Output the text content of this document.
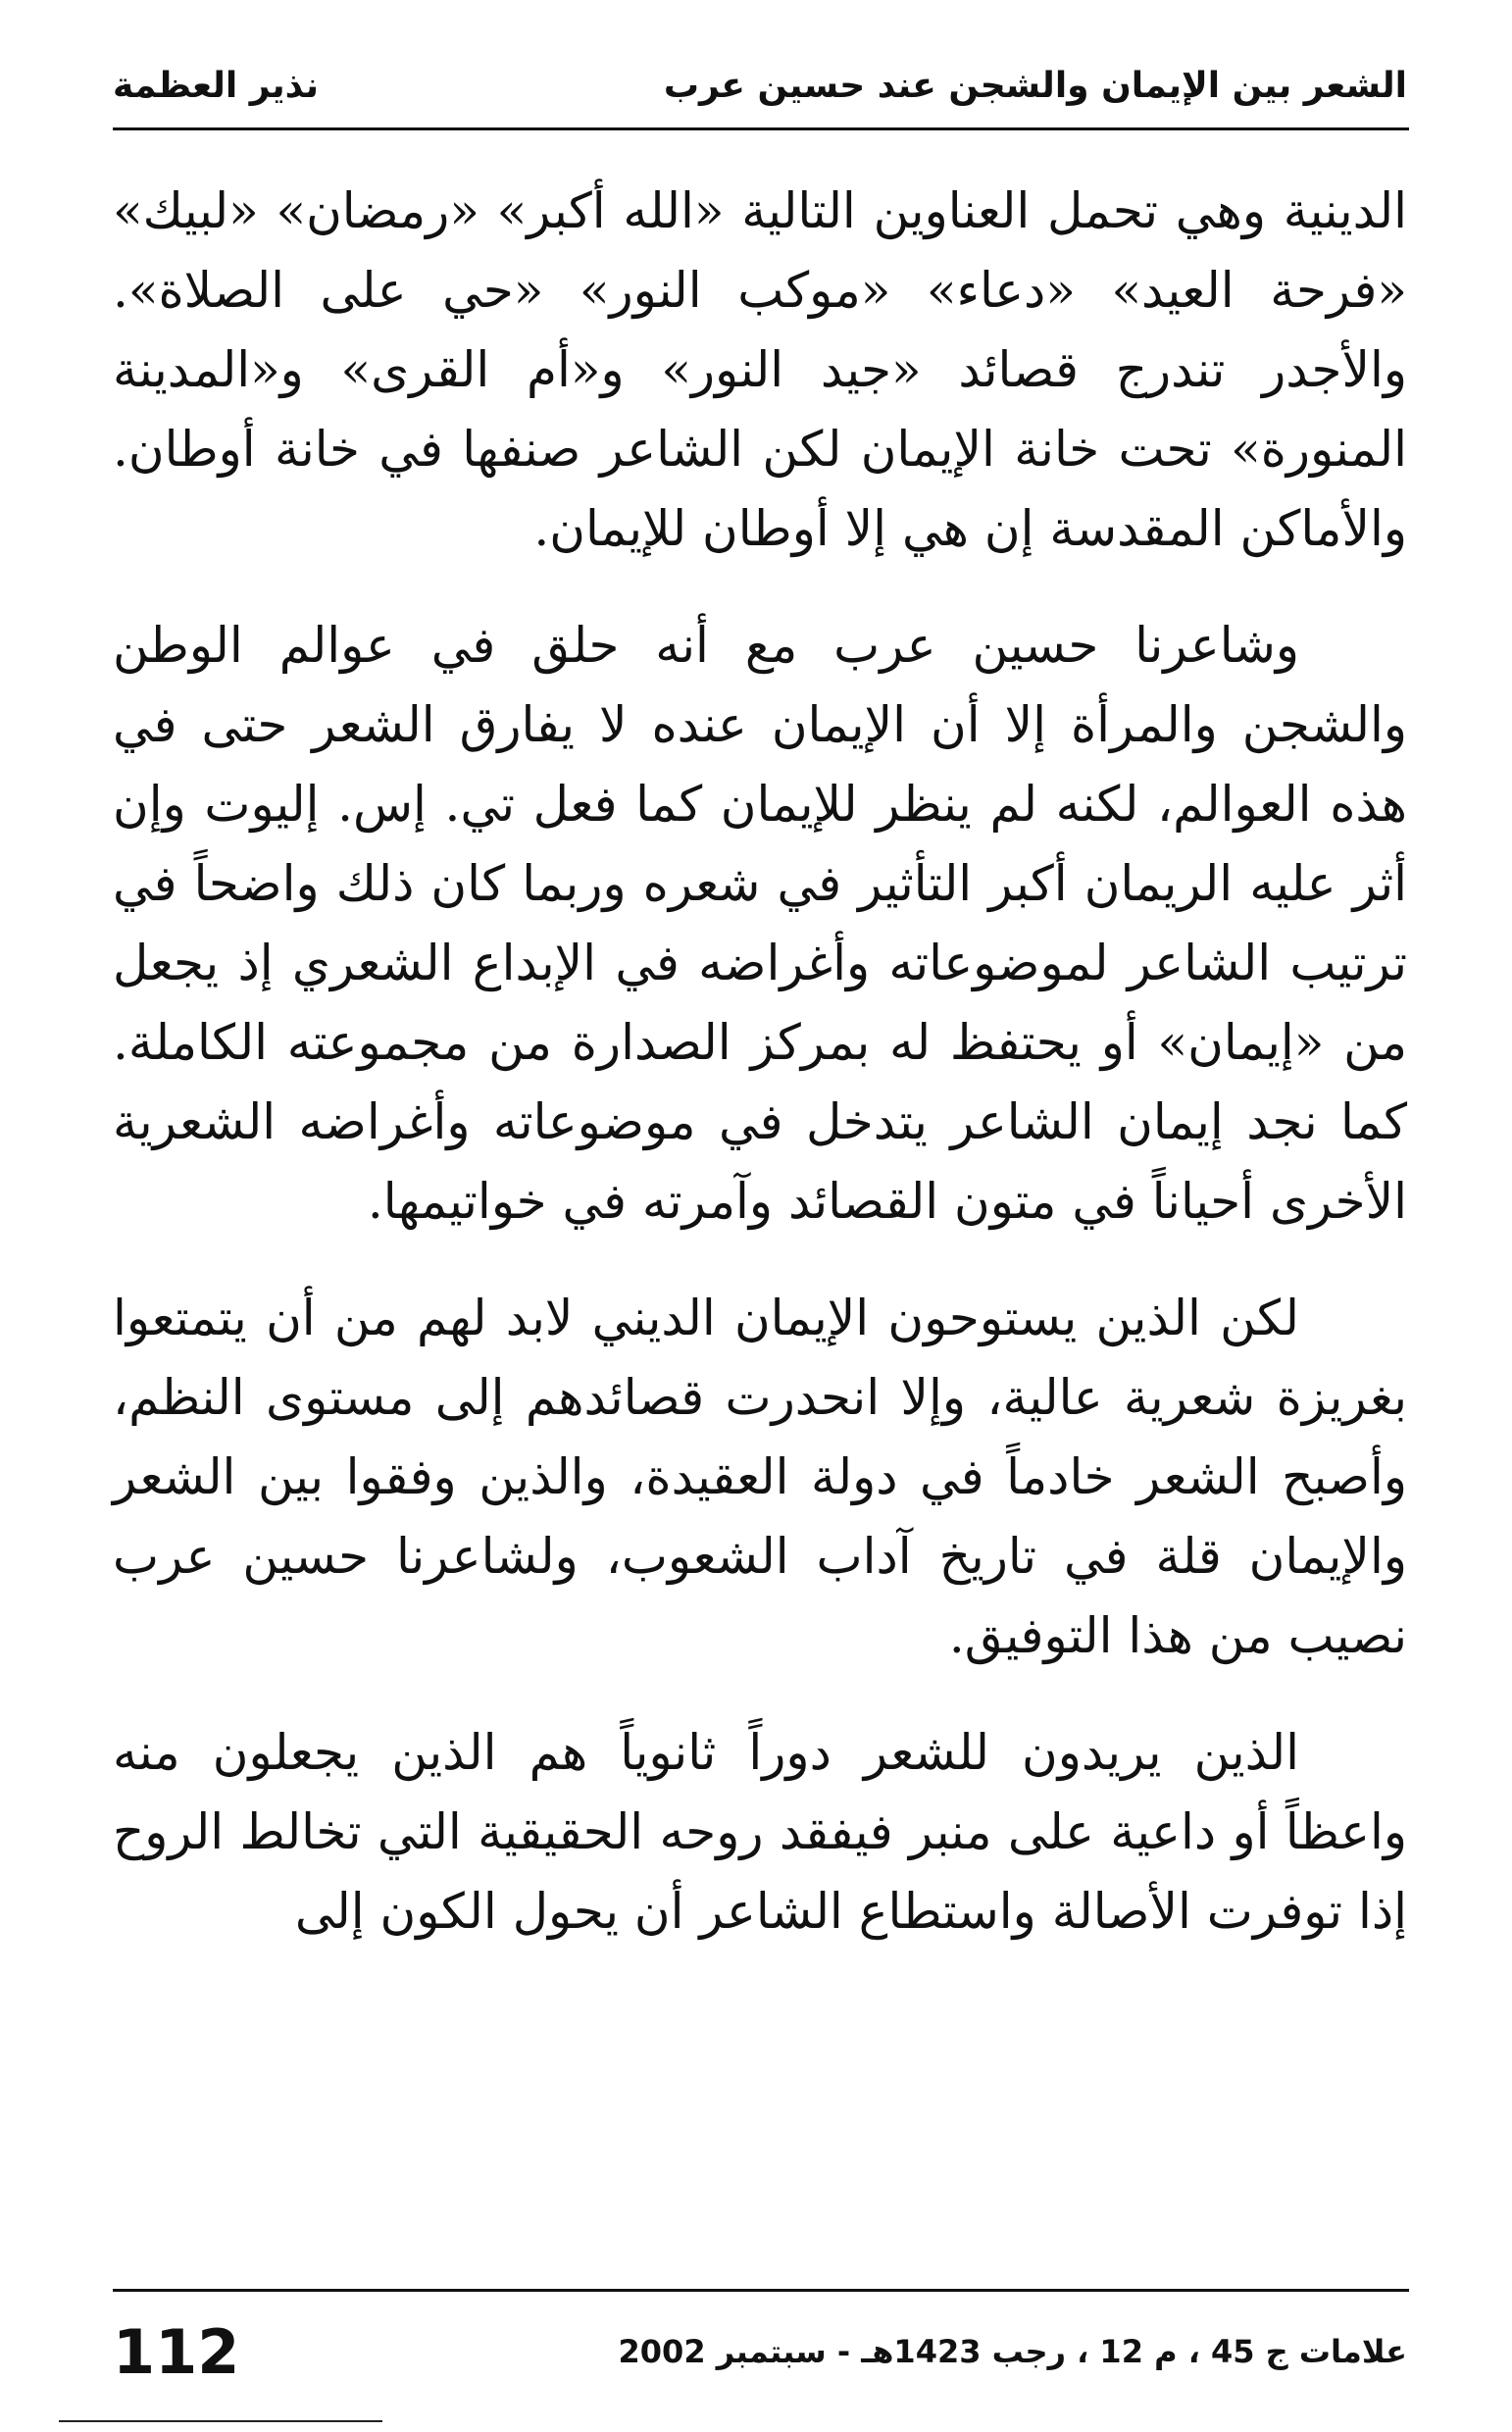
الشعر بين الإيمان والشجن عند حسين عرب
نذير العظمة

الدينية وهي تحمل العناوين التالية «الله أكبر» «رمضان» «لبيك» «فرحة العيد» «دعاء» «موكب النور» «حي على الصلاة». والأجدر تندرج قصائد «جيد النور» و«أم القرى» و«المدينة المنورة» تحت خانة الإيمان لكن الشاعر صنفها في خانة أوطان. والأماكن المقدسة إن هي إلا أوطان للإيمان.

وشاعرنا حسين عرب مع أنه حلق في عوالم الوطن والشجن والمرأة إلا أن الإيمان عنده لا يفارق الشعر حتى في هذه العوالم، لكنه لم ينظر للإيمان كما فعل تي. إس. إليوت وإن أثر عليه الريمان أكبر التأثير في شعره وربما كان ذلك واضحاً في ترتيب الشاعر لموضوعاته وأغراضه في الإبداع الشعري إذ يجعل من «إيمان» أو يحتفظ له بمركز الصدارة من مجموعته الكاملة. كما نجد إيمان الشاعر يتدخل في موضوعاته وأغراضه الشعرية الأخرى أحياناً في متون القصائد وآمرته في خواتيمها.

لكن الذين يستوحون الإيمان الديني لابد لهم من أن يتمتعوا بغريزة شعرية عالية، وإلا انحدرت قصائدهم إلى مستوى النظم، وأصبح الشعر خادماً في دولة العقيدة، والذين وفقوا بين الشعر والإيمان قلة في تاريخ آداب الشعوب، ولشاعرنا حسين عرب نصيب من هذا التوفيق.

الذين يريدون للشعر دوراً ثانوياً هم الذين يجعلون منه واعظاً أو داعية على منبر فيفقد روحه الحقيقية التي تخالط الروح إذا توفرت الأصالة واستطاع الشاعر أن يحول الكون إلى

علامات ج 45 ، م 12 ، رجب 1423هـ - سبتمبر 2002
112
